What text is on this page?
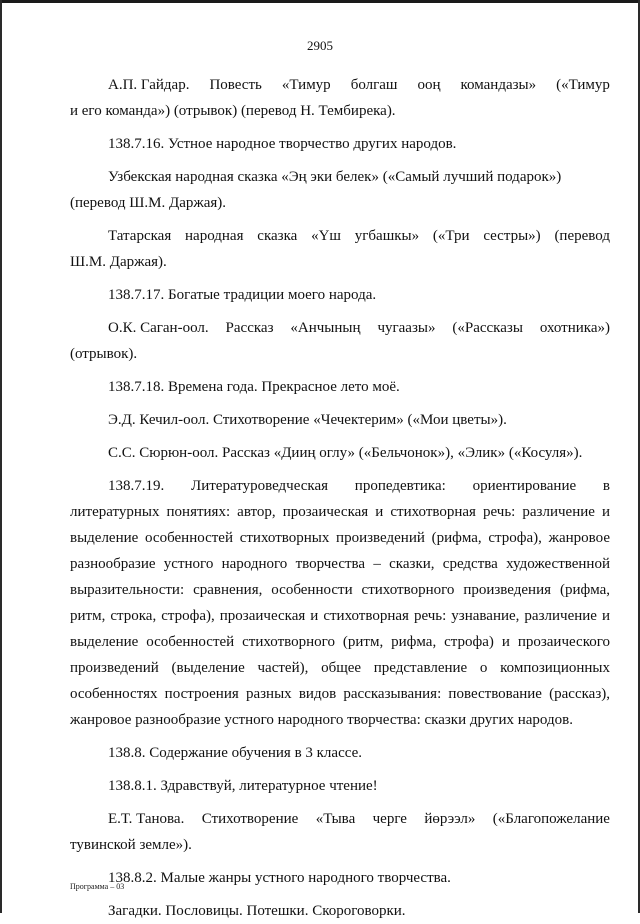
2905
А.П. Гайдар. Повесть «Тимур болгаш ооң командазы» («Тимур

и его команда») (отрывок) (перевод Н. Тембирека).

138.7.16. Устное народное творчество других народов.

Узбекская народная сказка «Эң эки белек» («Самый лучший подарок»)

(перевод Ш.М. Даржая).

Татарская народная сказка «Үш угбашкы» («Три сестры») (перевод

Ш.М. Даржая).

138.7.17. Богатые традиции моего народа.

О.К. Саган-оол. Рассказ «Анчының чугаазы» («Рассказы охотника»)

(отрывок).

138.7.18. Времена года. Прекрасное лето моё.

Э.Д. Кечил-оол. Стихотворение «Чечектерим» («Мои цветы»).

С.С. Сюрюн-оол. Рассказ «Дииң оглу» («Бельчонок»), «Элик» («Косуля»).

138.7.19. Литературоведческая пропедевтика: ориентирование в литературных понятиях: автор, прозаическая и стихотворная речь: различение и выделение особенностей стихотворных произведений (рифма, строфа), жанровое разнообразие устного народного творчества – сказки, средства художественной выразительности: сравнения, особенности стихотворного произведения (рифма, ритм, строка, строфа), прозаическая и стихотворная речь: узнавание, различение и выделение особенностей стихотворного (ритм, рифма, строфа) и прозаического произведений (выделение частей), общее представление о композиционных особенностях построения разных видов рассказывания: повествование (рассказ), жанровое разнообразие устного народного творчества: сказки других народов.

138.8. Содержание обучения в 3 классе.

138.8.1. Здравствуй, литературное чтение!

Е.Т. Танова. Стихотворение «Тыва черге йөрээл» («Благопожелание

тувинской земле»).

138.8.2. Малые жанры устного народного творчества.

Загадки. Пословицы. Потешки. Скороговорки.

Программа – 03
